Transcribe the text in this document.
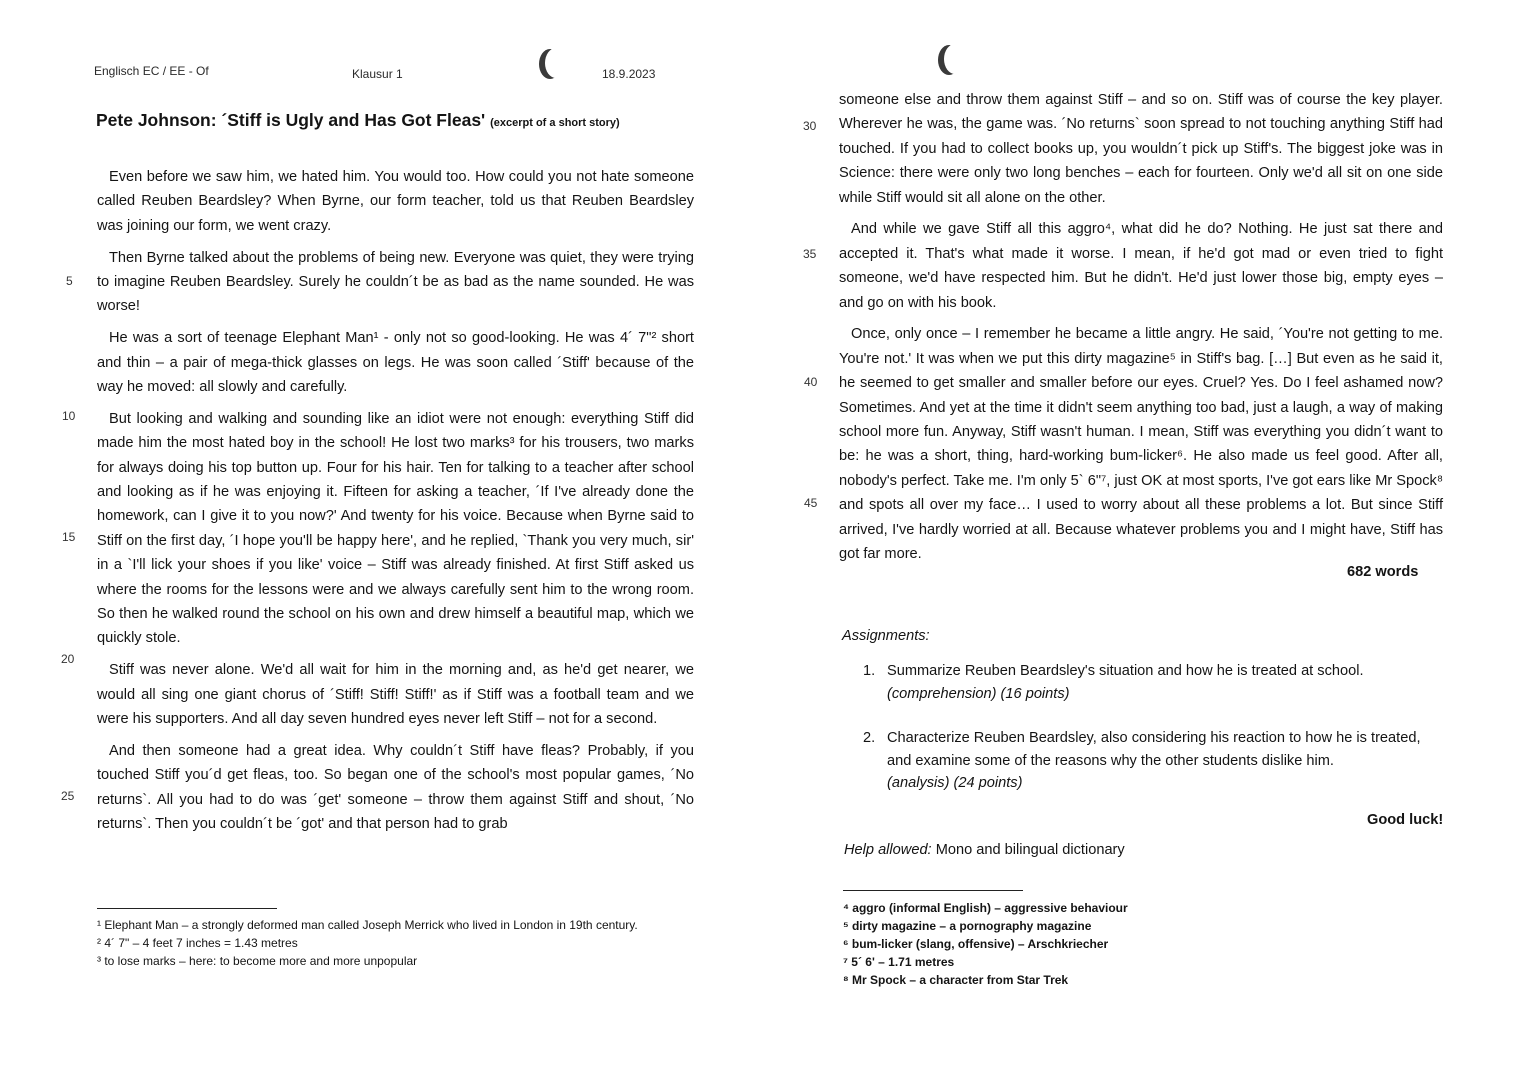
Englisch EC / EE - Of	Klausur 1	18.9.2023
Pete Johnson: ´Stiff is Ugly and Has Got Fleas' (excerpt of a short story)
5
10
15
20
25

Even before we saw him, we hated him. You would too. How could you not hate someone called Reuben Beardsley? When Byrne, our form teacher, told us that Reuben Beardsley was joining our form, we went crazy.

Then Byrne talked about the problems of being new. Everyone was quiet, they were trying to imagine Reuben Beardsley. Surely he couldn´t be as bad as the name sounded. He was worse!

He was a sort of teenage Elephant Man¹ - only not so good-looking. He was 4´ 7"² short and thin – a pair of mega-thick glasses on legs. He was soon called ´Stiff' because of the way he moved: all slowly and carefully.

But looking and walking and sounding like an idiot were not enough: everything Stiff did made him the most hated boy in the school! He lost two marks³ for his trousers, two marks for always doing his top button up. Four for his hair. Ten for talking to a teacher after school and looking as if he was enjoying it. Fifteen for asking a teacher, ´If I've already done the homework, can I give it to you now?' And twenty for his voice. Because when Byrne said to Stiff on the first day, ´I hope you'll be happy here', and he replied, `Thank you very much, sir' in a `I'll lick your shoes if you like' voice – Stiff was already finished. At first Stiff asked us where the rooms for the lessons were and we always carefully sent him to the wrong room. So then he walked round the school on his own and drew himself a beautiful map, which we quickly stole.

Stiff was never alone. We'd all wait for him in the morning and, as he'd get nearer, we would all sing one giant chorus of ´Stiff! Stiff! Stiff!' as if Stiff was a football team and we were his supporters. And all day seven hundred eyes never left Stiff – not for a second.

And then someone had a great idea. Why couldn´t Stiff have fleas? Probably, if you touched Stiff you´d get fleas, too. So began one of the school's most popular games, ´No returns`. All you had to do was ´get' someone – throw them against Stiff and shout, ´No returns`. Then you couldn´t be ´got' and that person had to grab

¹ Elephant Man – a strongly deformed man called Joseph Merrick who lived in London in 19th century.

² 4´ 7" – 4 feet 7 inches = 1.43 metres

³ to lose marks – here: to become more and more unpopular

30
35
40
45

someone else and throw them against Stiff – and so on. Stiff was of course the key player. Wherever he was, the game was. ´No returns` soon spread to not touching anything Stiff had touched. If you had to collect books up, you wouldn´t pick up Stiff's. The biggest joke was in Science: there were only two long benches – each for fourteen. Only we'd all sit on one side while Stiff would sit all alone on the other.

And while we gave Stiff all this aggro⁴, what did he do? Nothing. He just sat there and accepted it. That's what made it worse. I mean, if he'd got mad or even tried to fight someone, we'd have respected him. But he didn't. He'd just lower those big, empty eyes – and go on with his book.

Once, only once – I remember he became a little angry. He said, ´You're not getting to me. You're not.' It was when we put this dirty magazine⁵ in Stiff's bag. […] But even as he said it, he seemed to get smaller and smaller before our eyes. Cruel? Yes. Do I feel ashamed now? Sometimes. And yet at the time it didn't seem anything too bad, just a laugh, a way of making school more fun. Anyway, Stiff wasn't human. I mean, Stiff was everything you didn´t want to be: he was a short, thing, hard-working bum-licker⁶. He also made us feel good. After all, nobody's perfect. Take me. I'm only 5` 6"⁷, just OK at most sports, I've got ears like Mr Spock⁸ and spots all over my face… I used to worry about all these problems a lot. But since Stiff arrived, I've hardly worried at all. Because whatever problems you and I might have, Stiff has got far more.

682 words
Assignments:
1. Summarize Reuben Beardsley's situation and how he is treated at school.
(comprehension) (16 points)
2. Characterize Reuben Beardsley, also considering his reaction to how he is treated, and examine some of the reasons why the other students dislike him.
(analysis) (24 points)
Good luck!
Help allowed: Mono and bilingual dictionary

⁴ aggro (informal English) – aggressive behaviour

⁵ dirty magazine – a pornography magazine

⁶ bum-licker (slang, offensive) – Arschkriecher

⁷ 5´ 6' – 1.71 metres

⁸ Mr Spock – a character from Star Trek
